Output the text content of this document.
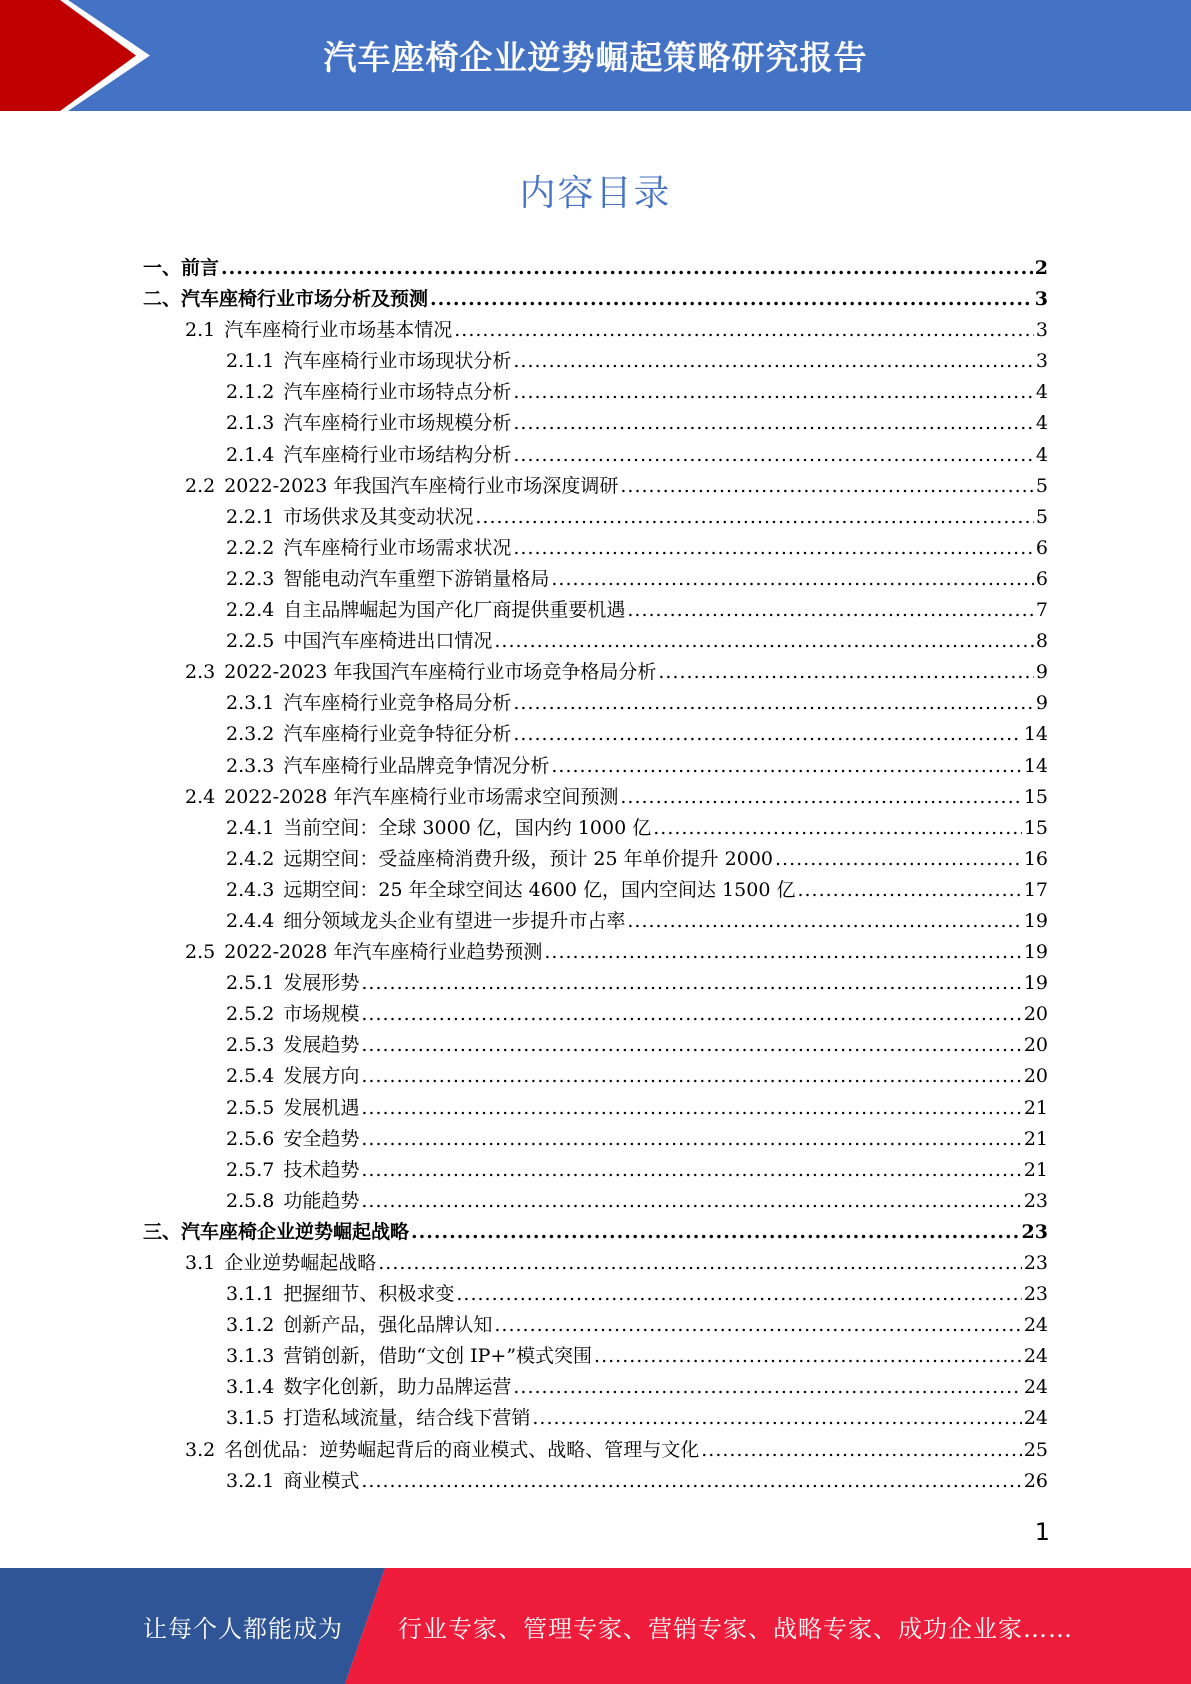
汽车座椅企业逆势崛起策略研究报告
内容目录
一、 前言 .....	2
二、 汽车座椅行业市场分析及预测 .....	3
2.1 汽车座椅行业市场基本情况 .....	3
2.1.1 汽车座椅行业市场现状分析 .....	3
2.1.2 汽车座椅行业市场特点分析 .....	4
2.1.3 汽车座椅行业市场规模分析 .....	4
2.1.4 汽车座椅行业市场结构分析 .....	4
2.2 2022-2023 年我国汽车座椅行业市场深度调研 .....	5
2.2.1 市场供求及其变动状况 .....	5
2.2.2 汽车座椅行业市场需求状况 .....	6
2.2.3 智能电动汽车重塑下游销量格局 .....	6
2.2.4 自主品牌崛起为国产化厂商提供重要机遇 .....	7
2.2.5 中国汽车座椅进出口情况 .....	8
2.3 2022-2023 年我国汽车座椅行业市场竞争格局分析 .....	9
2.3.1 汽车座椅行业竞争格局分析 .....	9
2.3.2 汽车座椅行业竞争特征分析 .....	14
2.3.3 汽车座椅行业品牌竞争情况分析 .....	14
2.4 2022-2028 年汽车座椅行业市场需求空间预测 .....	15
2.4.1 当前空间：全球 3000 亿，国内约 1000 亿 .....	15
2.4.2 远期空间：受益座椅消费升级，预计 25 年单价提升 2000 .....	16
2.4.3 远期空间：25 年全球空间达 4600 亿，国内空间达 1500 亿 .....	17
2.4.4 细分领域龙头企业有望进一步提升市占率 .....	19
2.5 2022-2028 年汽车座椅行业趋势预测 .....	19
2.5.1 发展形势 .....	19
2.5.2 市场规模 .....	20
2.5.3 发展趋势 .....	20
2.5.4 发展方向 .....	20
2.5.5 发展机遇 .....	21
2.5.6 安全趋势 .....	21
2.5.7 技术趋势 .....	21
2.5.8 功能趋势 .....	23
三、 汽车座椅企业逆势崛起战略 .....	23
3.1 企业逆势崛起战略 .....	23
3.1.1 把握细节、积极求变 .....	23
3.1.2 创新产品，强化品牌认知 .....	24
3.1.3 营销创新，借助“文创 IP+”模式突围 .....	24
3.1.4 数字化创新，助力品牌运营 .....	24
3.1.5 打造私域流量，结合线下营销 .....	24
3.2 名创优品：逆势崛起背后的商业模式、战略、管理与文化 .....	25
3.2.1 商业模式 .....	26
1
让每个人都能成为 行业专家、管理专家、营销专家、战略专家、成功企业家……
